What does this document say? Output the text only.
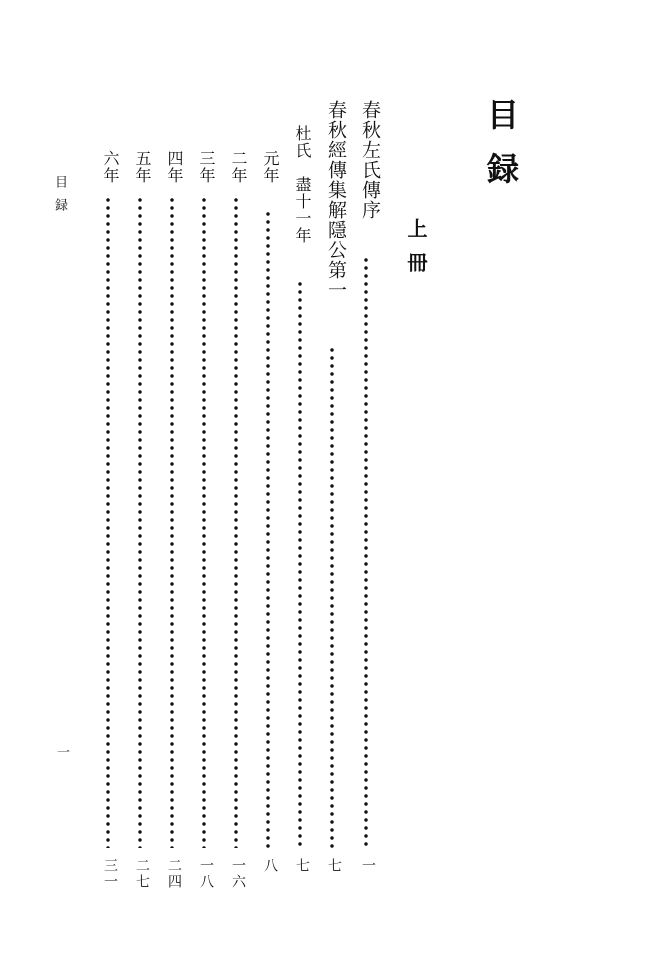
目録
上冊
春秋左氏傳序
一
春秋經傳集解隱公第一
七
杜氏　盡十一年
七
元年
八
二年
一六
三年
一八
四年
二四
五年
二七
六年
三一
目録
一
